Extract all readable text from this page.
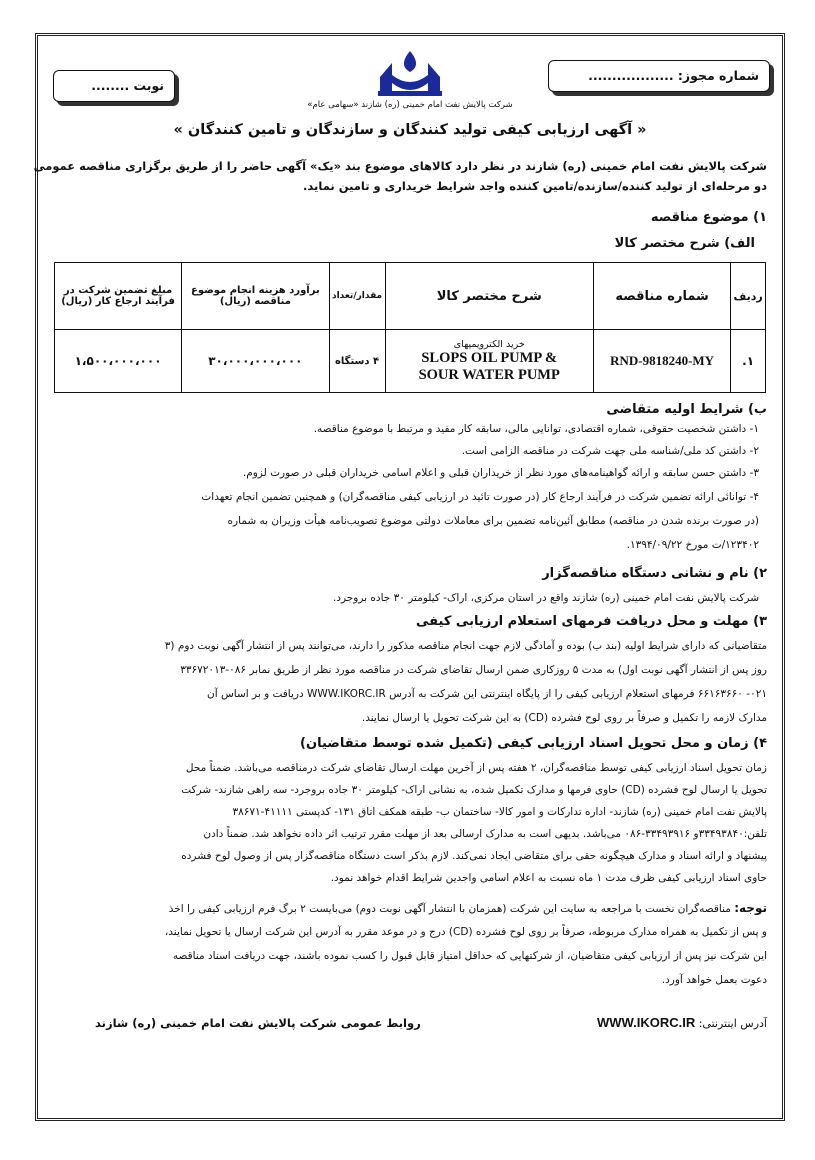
شماره مجوز: ..................
نوبت ........
شرکت پالایش نفت امام خمینی (ره) شازند «سهامی عام»
« آگهی ارزیابی کیفی تولید کنندگان و سازندگان و تامین کنندگان »
شرکت پالایش نفت امام خمینی (ره) شازند در نظر دارد کالاهای موضوع بند «یک» آگهی حاضر را از طریق برگزاری مناقصه عمومی
دو مرحله‌ای از تولید کننده/سازنده/تامین کننده واجد شرایط خریداری و تامین نماید.
۱) موضوع مناقصه
الف) شرح مختصر کالا
ردیف	شماره مناقصه	شرح مختصر کالا	مقدار/تعداد	برآورد هزینه انجام موضوع مناقصه (ریال)	مبلغ تضمین شرکت در فرآیند ارجاع کار (ریال)
۱.	RND-9818240-MY	خرید الکتروپمپهای
SLOPS OIL PUMP &
SOUR WATER PUMP	۴ دستگاه	۳۰،۰۰۰،۰۰۰،۰۰۰	۱،۵۰۰،۰۰۰،۰۰۰
ب) شرایط اولیه متقاضی
۱- داشتن شخصیت حقوقی، شماره اقتصادی، توانایی مالی، سابقه کار مفید و مرتبط با موضوع مناقصه.
۲- داشتن کد ملی/شناسه ملی جهت شرکت در مناقصه الزامی است.
۳- داشتن حسن سابقه و ارائه گواهینامه‌های مورد نظر از خریداران قبلی و اعلام اسامی خریداران قبلی در صورت لزوم.
۴- توانائی ارائه تضمین شرکت در فرآیند ارجاع کار (در صورت تائید در ارزیابی کیفی مناقصه‌گران) و همچنین تضمین انجام تعهدات
(در صورت برنده شدن در مناقصه) مطابق آئین‌نامه تضمین برای معاملات دولتی موضوع تصویب‌نامه هیأت وزیران به شماره
۱۲۳۴۰۲/ت مورخ ۱۳۹۴/۰۹/۲۲.
۲) نام و نشانی دستگاه مناقصه‌گزار
شرکت پالایش نفت امام خمینی (ره) شازند واقع در استان مرکزی، اراک- کیلومتر ۳۰ جاده بروجرد.
۳) مهلت و محل دریافت فرمهای استعلام ارزیابی کیفی
متقاضیانی که دارای شرایط اولیه (بند ب) بوده و آمادگی لازم جهت انجام مناقصه مذکور را دارند، می‌توانند پس از انتشار آگهی نوبت دوم (۳
روز پس از انتشار آگهی نوبت اول) به مدت ۵ روزکاری ضمن ارسال تقاضای شرکت در مناقصه مورد نظر از طریق نمابر ۰۸۶-۳۳۶۷۲۰۱۳
۰۲۱- ۶۶۱۶۳۶۶۰ فرمهای استعلام ارزیابی کیفی را از پایگاه اینترنتی این شرکت به آدرس WWW.IKORC.IR دریافت و بر اساس آن
مدارک لازمه را تکمیل و صرفاً بر روی لوح فشرده (CD) به این شرکت تحویل یا ارسال نمایند.
۴) زمان و محل تحویل اسناد ارزیابی کیفی (تکمیل شده توسط متقاضیان)
زمان تحویل اسناد ارزیابی کیفی توسط مناقصه‌گران، ۲ هفته پس از آخرین مهلت ارسال تقاضای شرکت درمناقصه می‌باشد. ضمناً محل
تحویل یا ارسال لوح فشرده (CD) حاوی فرمها و مدارک تکمیل شده، به نشانی اراک- کیلومتر ۳۰ جاده بروجرد- سه راهی شازند- شرکت
پالایش نفت امام خمینی (ره) شازند- اداره تدارکات و امور کالا- ساختمان ب- طبقه همکف اتاق ۱۳۱- کدپستی ۴۱۱۱۱-۳۸۶۷۱
تلفن:۳۳۴۹۳۸۴۰و ۳۳۴۹۳۹۱۶-۰۸۶ می‌باشد. بدیهی است به مدارک ارسالی بعد از مهلت مقرر ترتیب اثر داده نخواهد شد. ضمناً دادن
پیشنهاد و ارائه اسناد و مدارک هیچگونه حقی برای متقاضی ایجاد نمی‌کند. لازم بذکر است دستگاه مناقصه‌گزار پس از وصول لوح فشرده
حاوی اسناد ارزیابی کیفی ظرف مدت ۱ ماه نسبت به اعلام اسامی واجدین شرایط اقدام خواهد نمود.
توجه: مناقصه‌گران نخست با مراجعه به سایت این شرکت (همزمان با انتشار آگهی نوبت دوم) می‌بایست ۲ برگ فرم ارزیابی کیفی را اخذ
و پس از تکمیل به همراه مدارک مربوطه، صرفاً بر روی لوح فشرده (CD) درج و در موعد مقرر به آدرس این شرکت ارسال یا تحویل نمایند،
این شرکت نیز پس از ارزیابی کیفی متقاضیان، از شرکتهایی که حداقل امتیاز قابل قبول را کسب نموده باشند، جهت دریافت اسناد مناقصه
دعوت بعمل خواهد آورد.
آدرس اینترنتی: WWW.IKORC.IR
روابط عمومی شرکت پالایش نفت امام خمینی (ره) شازند
